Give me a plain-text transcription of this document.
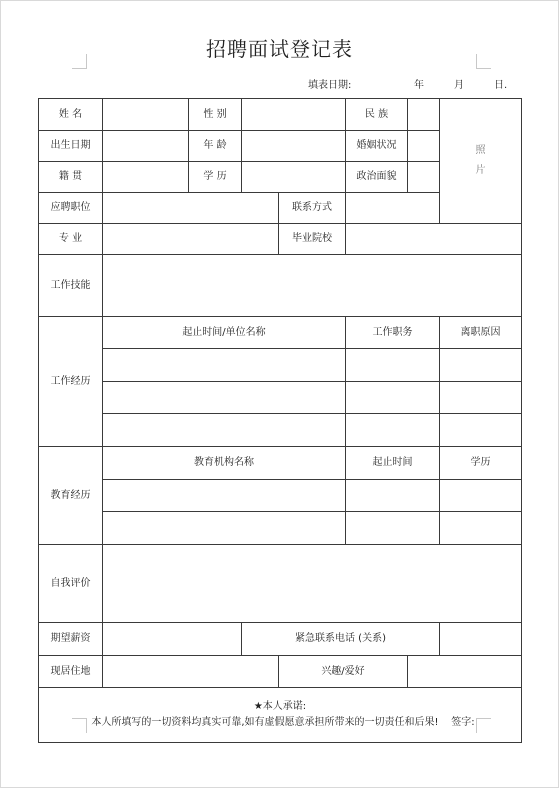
招聘面试登记表
填表日期:	年	月	日.
姓 名		性 别			民 族		照
片

出生日期		年 龄			婚姻状况		
籍 贯		学 历			政治面貌		
应聘职位				联系方式			
专 业				毕业院校			
工作技能							
工作经历	起止时间/单位名称				工作职务		离职原因

教育经历	教育机构名称				起止时间		学历

自我评价							
期望薪资			紧急联系电话 (关系)				
现居住地				兴趣/爱好			

★本人承诺:
本人所填写的一切资料均真实可靠,如有虚假愿意承担所带来的一切责任和后果! 签字:							
